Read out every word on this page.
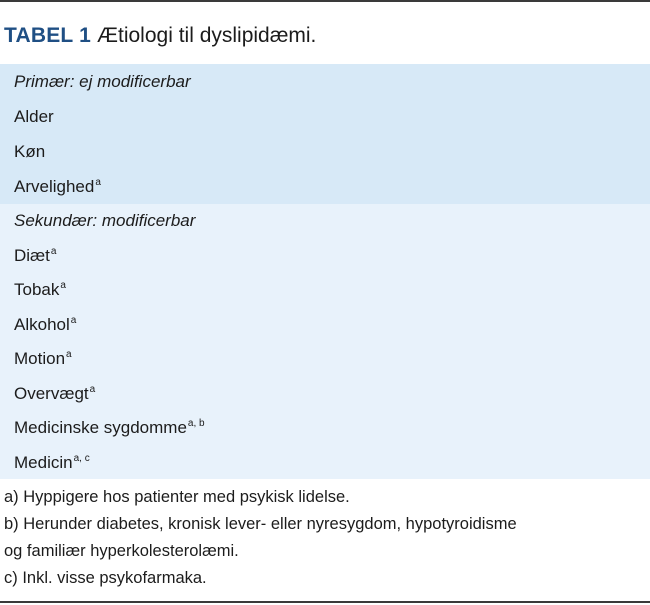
TABEL 1 Ætiologi til dyslipidæmi.
Primær: ej modificerbar
Alder
Køn
Arvelighed$^a$
Sekundær: modificerbar
Diæt$^a$
Tobak$^a$
Alkohol$^a$
Motion$^a$
Overvægt$^a$
Medicinske sygdomme$^{a, b}$
Medicin$^{a, c}$
a) Hyppigere hos patienter med psykisk lidelse.
b) Herunder diabetes, kronisk lever- eller nyresygdom, hypotyroidisme
og familiær hyperkolesterolæmi.
c) Inkl. visse psykofarmaka.
